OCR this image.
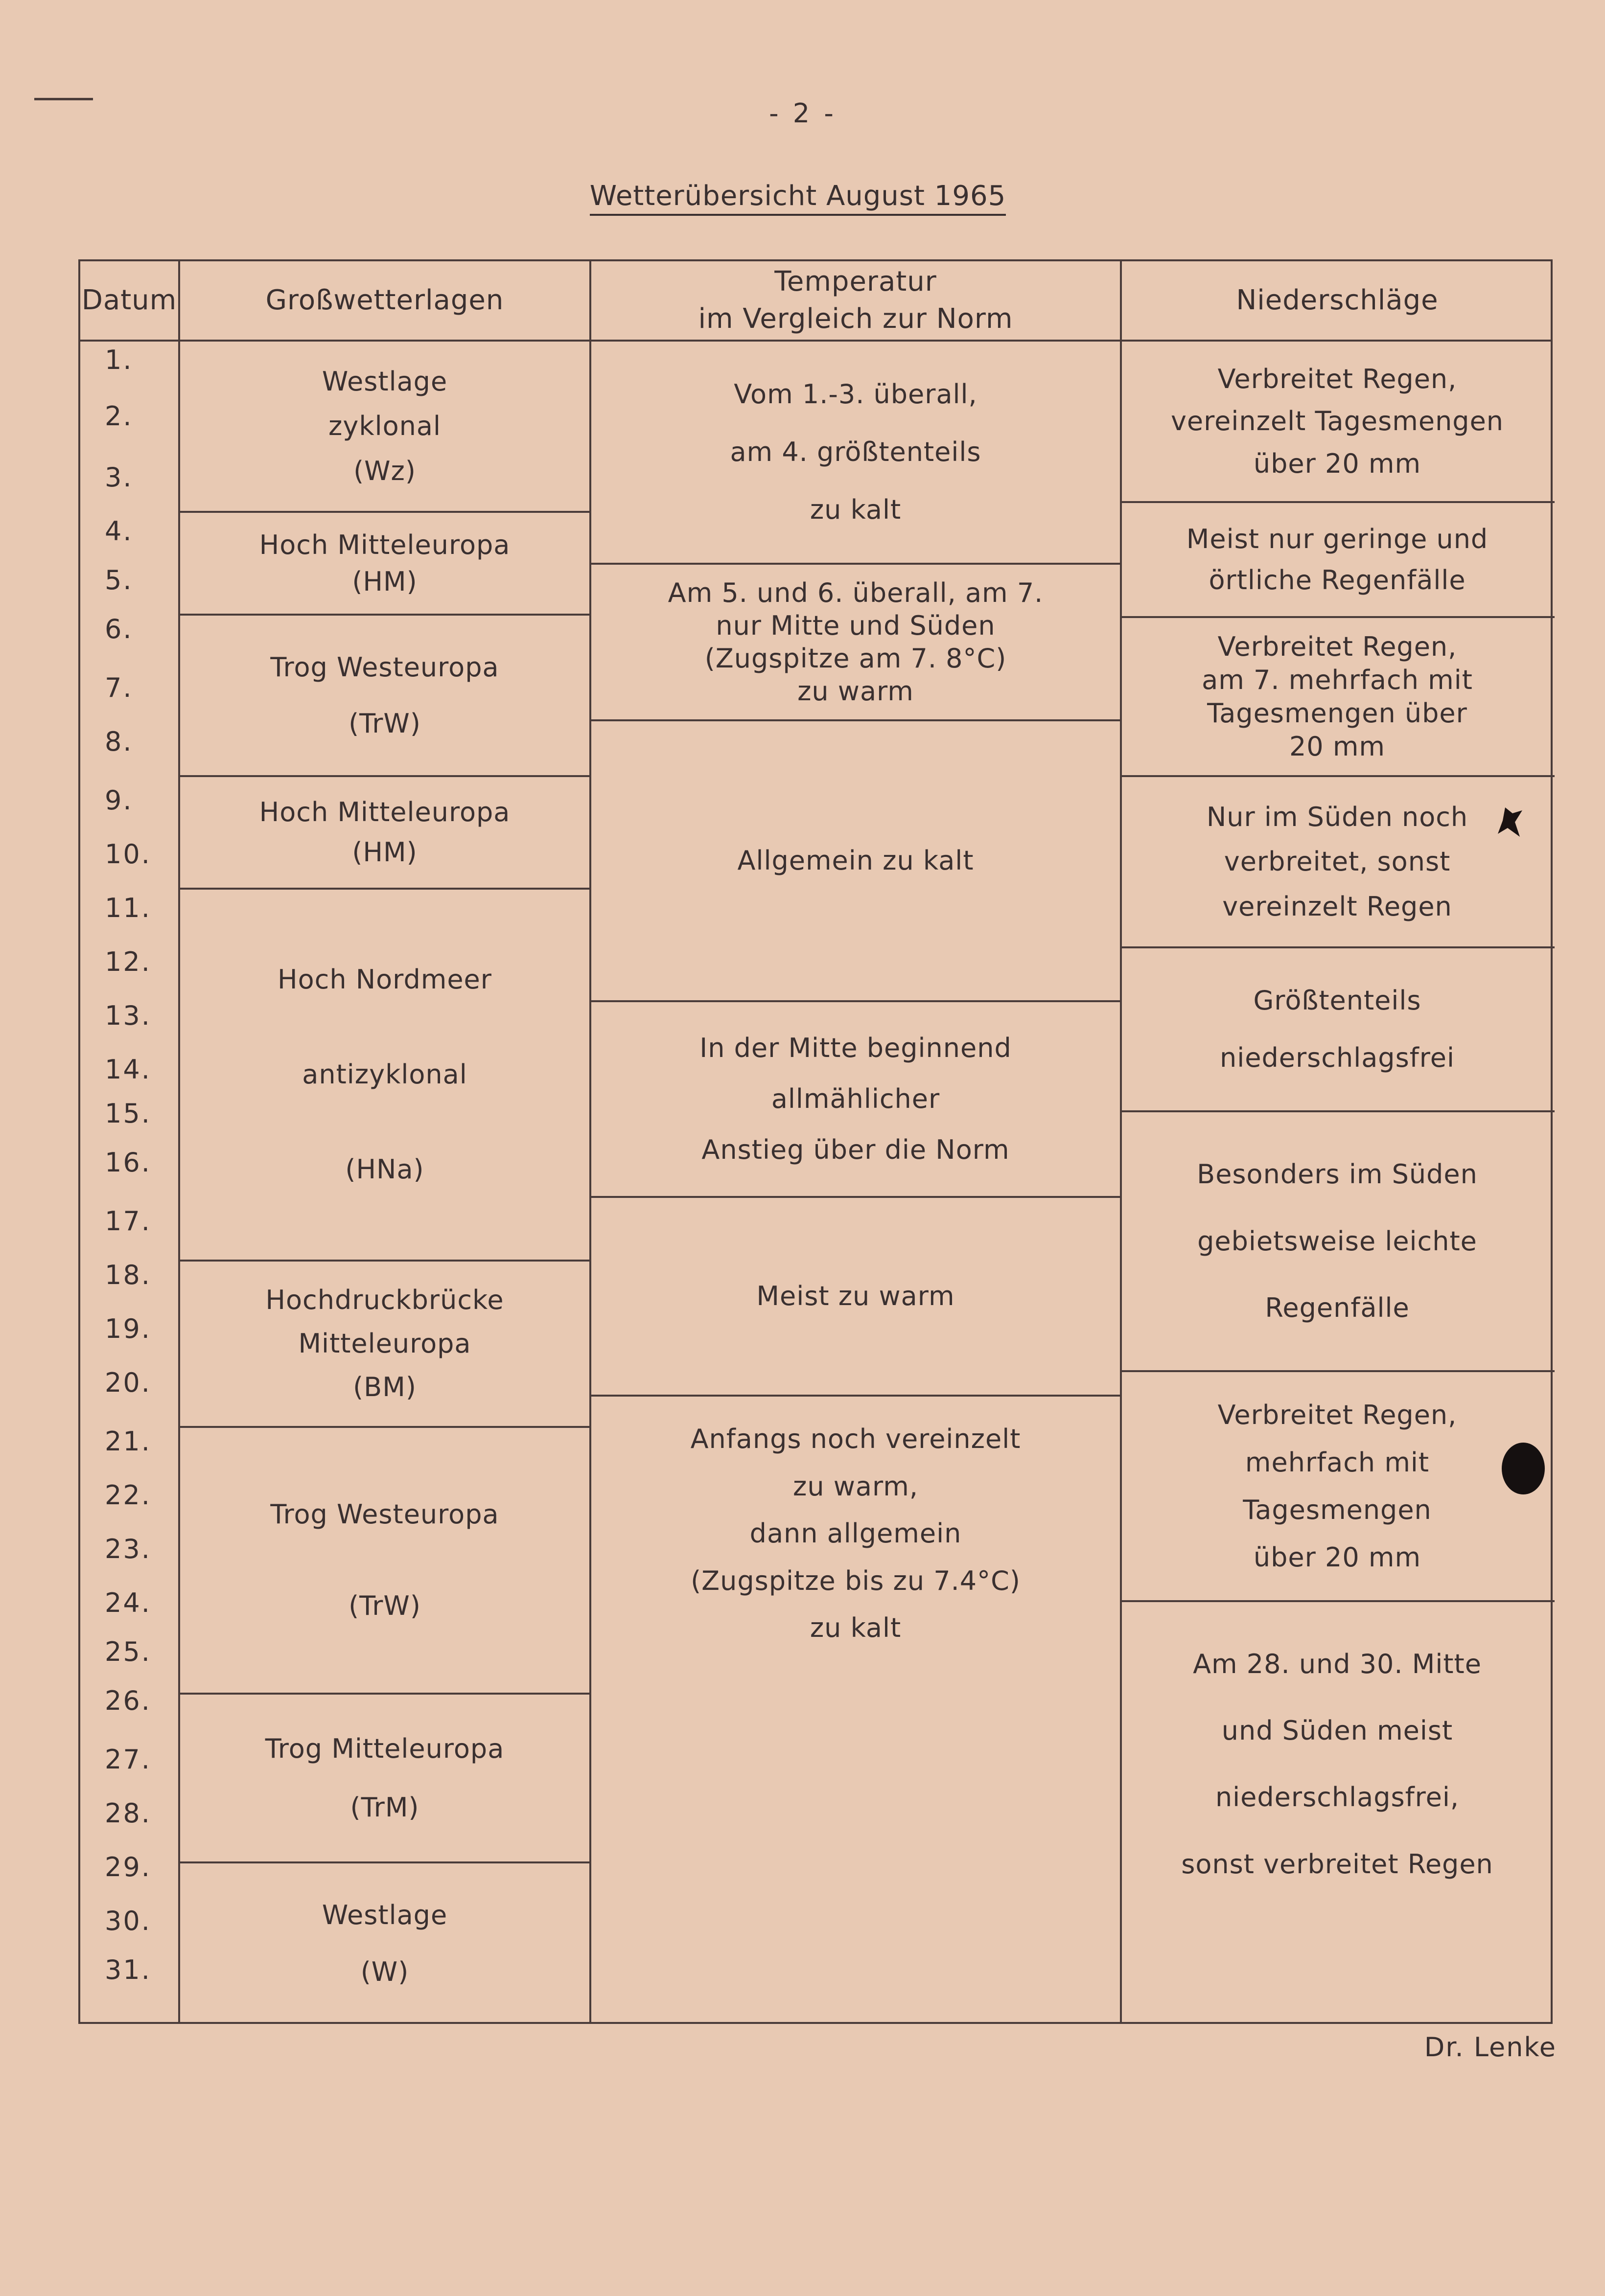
- 2 -
Wetterübersicht August 1965
Datum	Großwetterlagen
Temperatur
im Vergleich zur Norm
Niederschläge
1.
2.
3.
4.
5.
6.
7.
8.
9.
10.
11.
12.
13.
14.
15.
16.
17.
18.
19.
20.
21.
22.
23.
24.
25.
26.
27.
28.
29.
30.
31.
Westlage
zyklonal
(Wz)
Hoch Mitteleuropa
(HM)
Trog Westeuropa
(TrW)
Hoch Mitteleuropa
(HM)
Hoch Nordmeer
antizyklonal
(HNa)
Hochdruckbrücke
Mitteleuropa
(BM)
Trog Westeuropa
(TrW)
Trog Mitteleuropa
(TrM)
Westlage
(W)
Vom 1.-3. überall,
am 4. größtenteils
zu kalt
Am 5. und 6. überall, am 7.
nur Mitte und Süden
(Zugspitze am 7. 8°C)
zu warm
Allgemein zu kalt
In der Mitte beginnend
allmählicher
Anstieg über die Norm
Meist zu warm
Anfangs noch vereinzelt
zu warm,
dann allgemein
(Zugspitze bis zu 7.4°C)
zu kalt
Verbreitet Regen,
vereinzelt Tagesmengen
über 20 mm
Meist nur geringe und
örtliche Regenfälle
Verbreitet Regen,
am 7. mehrfach mit
Tagesmengen über
20 mm
Nur im Süden noch
verbreitet, sonst
vereinzelt Regen
Größtenteils
niederschlagsfrei
Besonders im Süden
gebietsweise leichte
Regenfälle
Verbreitet Regen,
mehrfach mit
Tagesmengen
über 20 mm
Am 28. und 30. Mitte
und Süden meist
niederschlagsfrei,
sonst verbreitet Regen
Dr. Lenke
